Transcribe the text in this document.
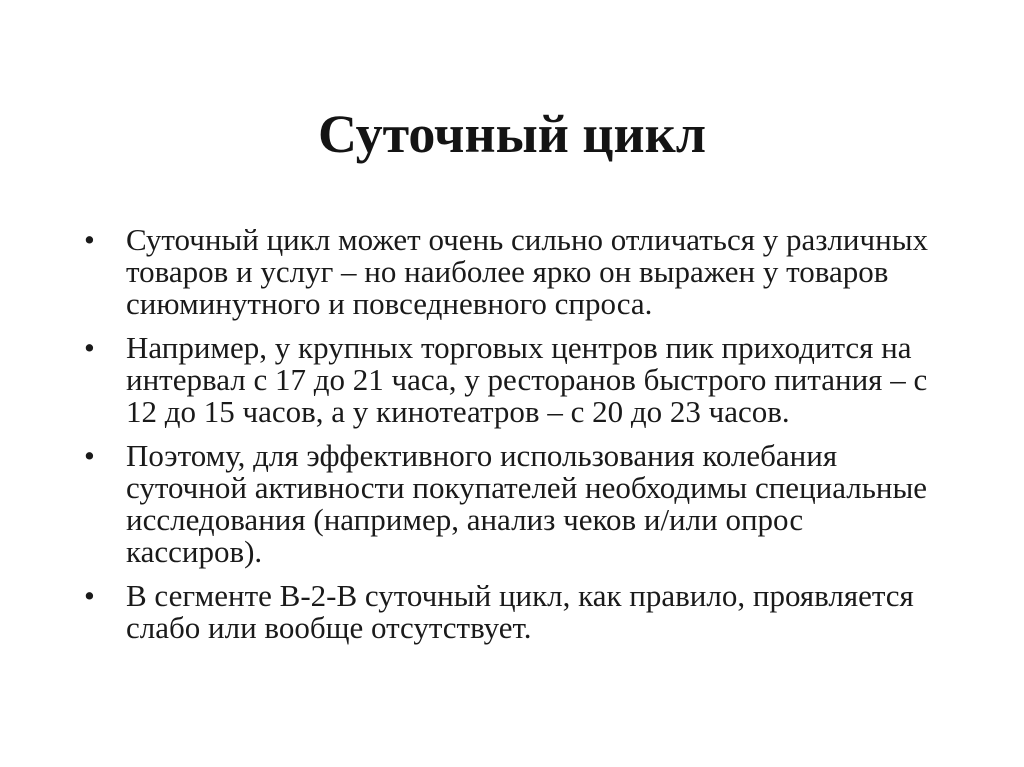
Суточный цикл
•	Суточный цикл может очень сильно отличаться у различных товаров и услуг – но наиболее ярко он выражен у товаров сиюминутного и повседневного спроса.
•	Например, у крупных торговых центров пик приходится на интервал с 17 до 21 часа, у ресторанов быстрого питания – с 12 до 15 часов, а у кинотеатров – с 20 до 23 часов.
•	Поэтому, для эффективного использования колебания суточной активности покупателей необходимы специальные исследования (например, анализ чеков и/или опрос кассиров).
•	В сегменте В-2-В суточный цикл, как правило, проявляется слабо или вообще отсутствует.
